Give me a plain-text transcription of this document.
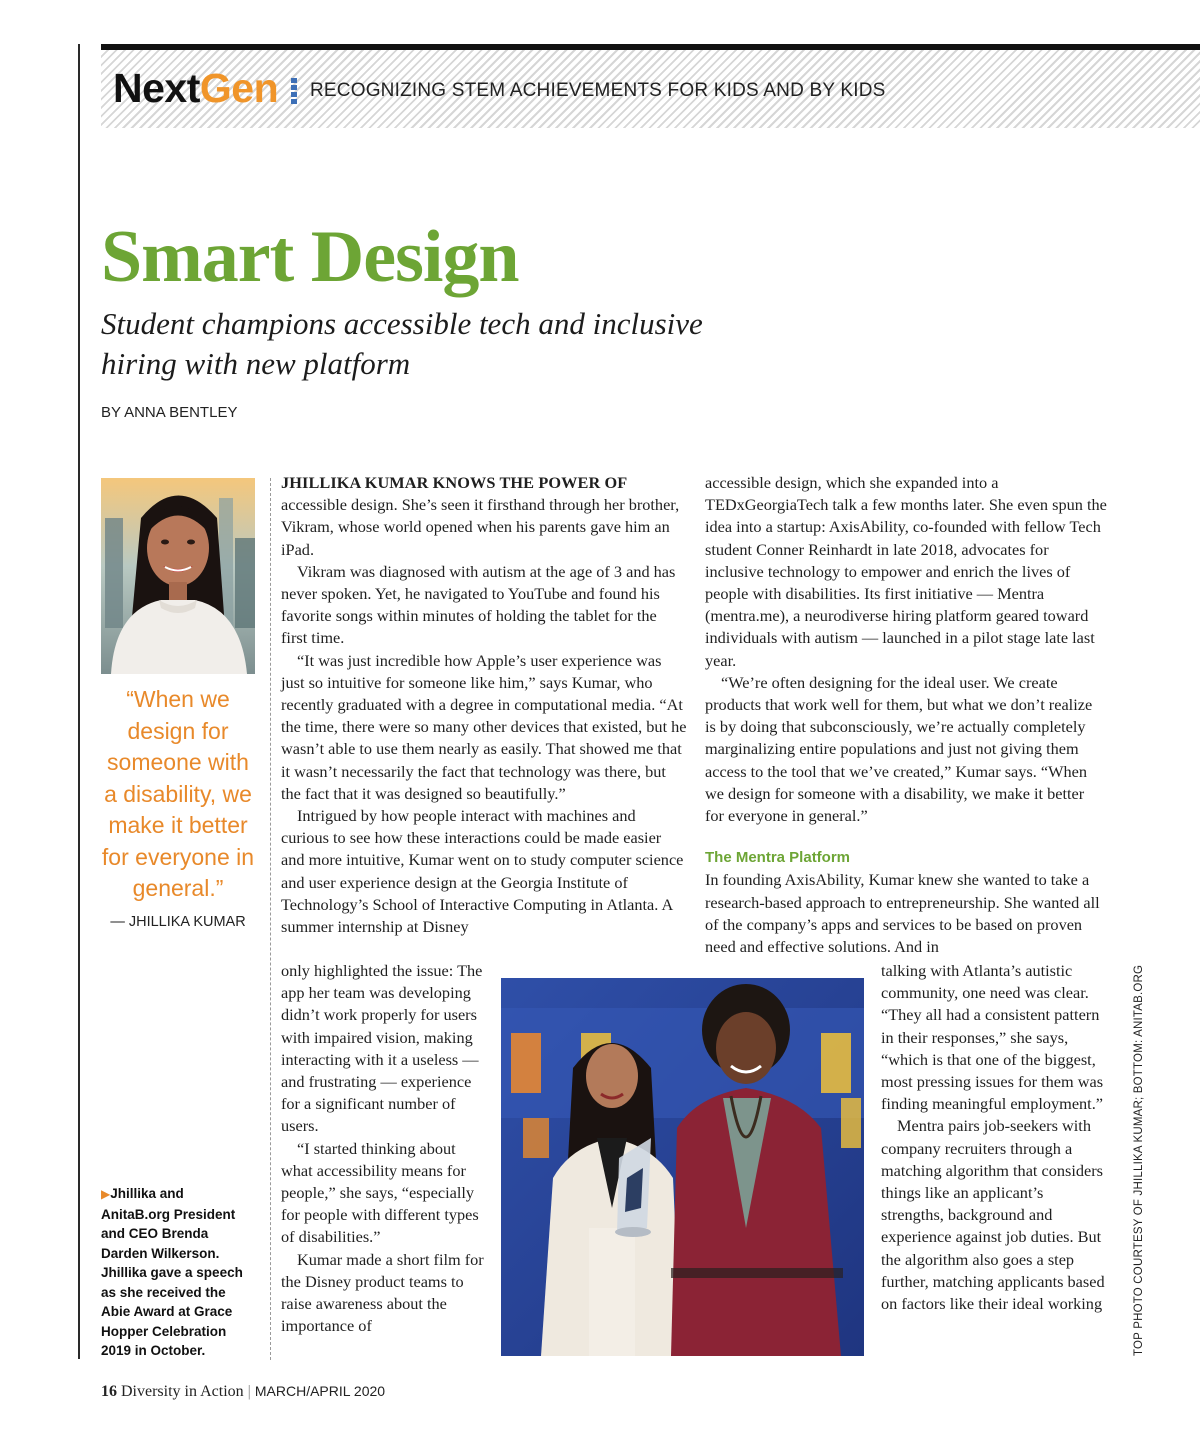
NextGen RECOGNIZING STEM ACHIEVEMENTS FOR KIDS AND BY KIDS
Smart Design
Student champions accessible tech and inclusive
hiring with new platform
BY ANNA BENTLEY
“When we design for someone with a disability, we make it better for everyone in general.”
— JHILLIKA KUMAR
▶Jhillika and AnitaB.org President and CEO Brenda Darden Wilkerson. Jhillika gave a speech as she received the Abie Award at Grace Hopper Celebration 2019 in October.

JHILLIKA KUMAR KNOWS THE POWER OF
accessible design. She’s seen it firsthand through her brother, Vikram, whose world opened when his parents gave him an iPad.

Vikram was diagnosed with autism at the age of 3 and has never spoken. Yet, he navigated to YouTube and found his favorite songs within minutes of holding the tablet for the first time.

“It was just incredible how Apple’s user experience was just so intuitive for someone like him,” says Kumar, who recently graduated with a degree in computational media. “At the time, there were so many other devices that existed, but he wasn’t able to use them nearly as easily. That showed me that it wasn’t necessarily the fact that technology was there, but the fact that it was designed so beautifully.”

Intrigued by how people interact with machines and curious to see how these interactions could be made easier and more intuitive, Kumar went on to study computer science and user experience design at the Georgia Institute of Technology’s School of Interactive Computing in Atlanta. A summer internship at Disney

only highlighted the issue: The app her team was developing didn’t work properly for users with impaired vision, making interacting with it a useless — and frustrating — experience for a significant number of users.

“I started thinking about what accessibility means for people,” she says, “especially for people with different types of disabilities.”

Kumar made a short film for the Disney product teams to raise awareness about the importance of

accessible design, which she expanded into a TEDxGeorgiaTech talk a few months later. She even spun the idea into a startup: AxisAbility, co-founded with fellow Tech student Conner Reinhardt in late 2018, advocates for inclusive technology to empower and enrich the lives of people with disabilities. Its first initiative — Mentra (mentra.me), a neurodiverse hiring platform geared toward individuals with autism — launched in a pilot stage late last year.

“We’re often designing for the ideal user. We create products that work well for them, but what we don’t realize is by doing that subconsciously, we’re actually completely marginalizing entire populations and just not giving them access to the tool that we’ve created,” Kumar says. “When we design for someone with a disability, we make it better for everyone in general.”

The Mentra Platform

In founding AxisAbility, Kumar knew she wanted to take a research-based approach to entrepreneurship. She wanted all of the company’s apps and services to be based on proven need and effective solutions. And in

talking with Atlanta’s autistic community, one need was clear. “They all had a consistent pattern in their responses,” she says, “which is that one of the biggest, most pressing issues for them was finding meaningful employment.”

Mentra pairs job-seekers with company recruiters through a matching algorithm that considers things like an applicant’s strengths, background and experience against job duties. But the algorithm also goes a step further, matching applicants based on factors like their ideal working	TOP PHOTO COURTESY OF JHILLIKA KUMAR; BOTTOM: ANITAB.ORG
16 Diversity in Action | MARCH/APRIL 2020
